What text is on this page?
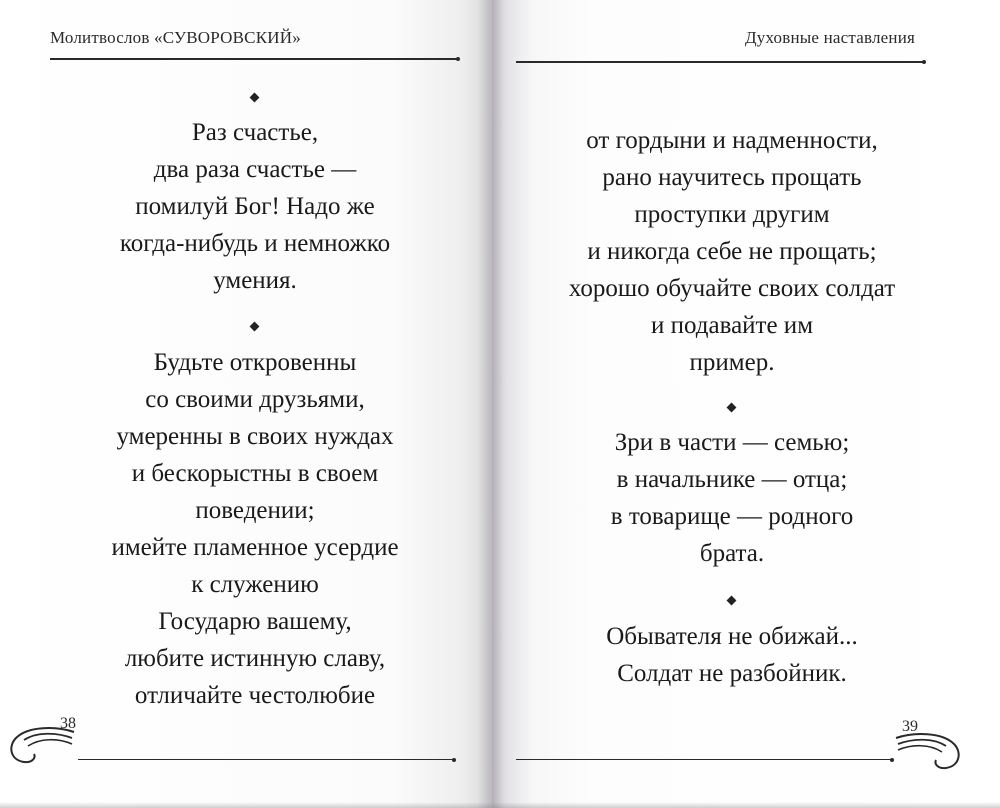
Молитвослов «СУВОРОВСКИЙ»
Раз счастье,
два раза счастье —
помилуй Бог! Надо же
когда-нибудь и немножко
умения.
Будьте откровенны
со своими друзьями,
умеренны в своих нуждах
и бескорыстны в своем
поведении;
имейте пламенное усердие
к служению
Государю вашему,
любите истинную славу,
отличайте честолюбие
38
Духовные наставления
от гордыни и надменности,
рано научитесь прощать
проступки другим
и никогда себе не прощать;
хорошо обучайте своих солдат
и подавайте им
пример.
Зри в части — семью;
в начальнике — отца;
в товарище — родного
брата.
Обывателя не обижай...
Солдат не разбойник.
39
